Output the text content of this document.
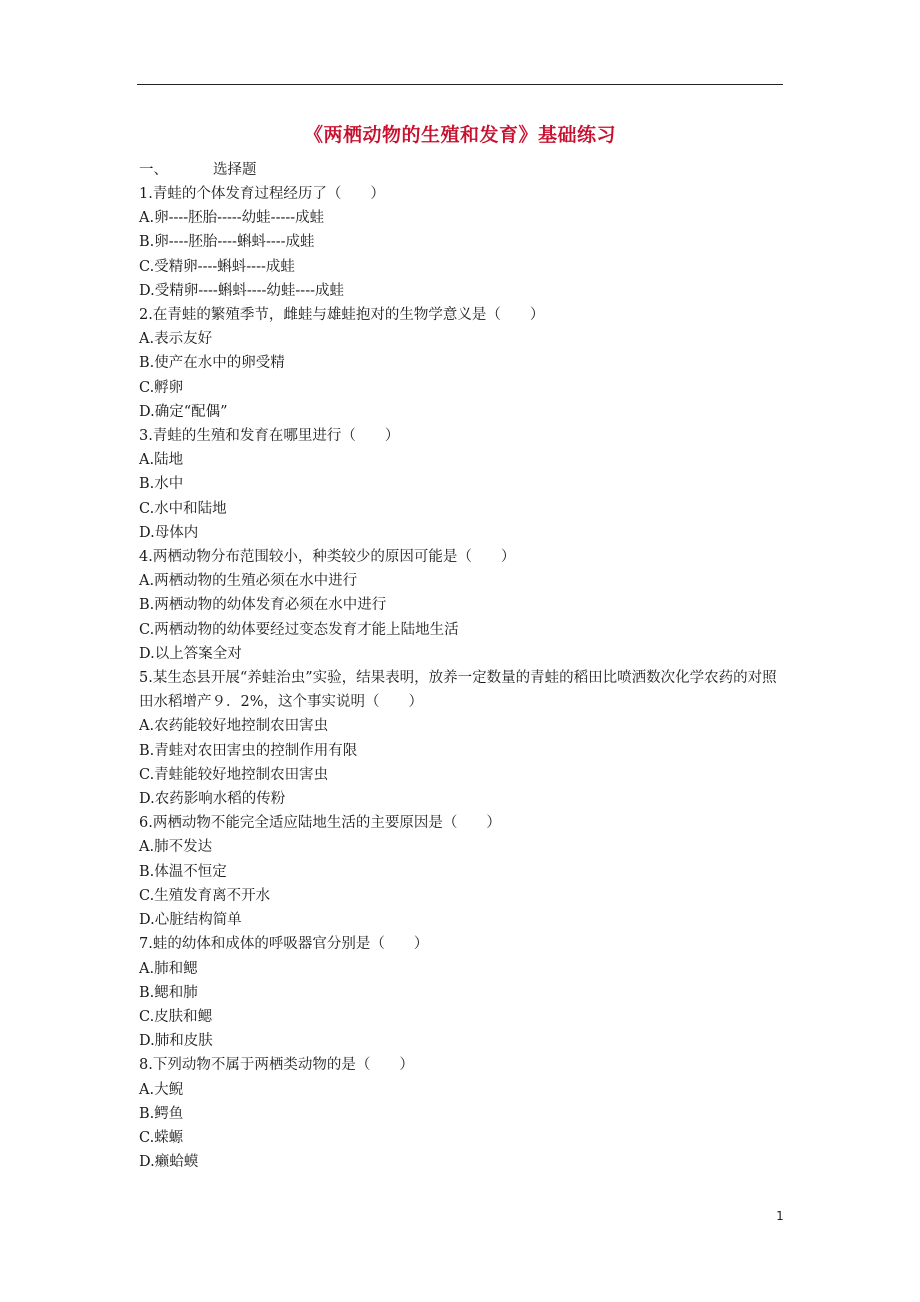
《两栖动物的生殖和发育》基础练习
一、	选择题
1.青蛙的个体发育过程经历了（　　）
A.卵----胚胎-----幼蛙-----成蛙
B.卵----胚胎----蝌蚪----成蛙
C.受精卵----蝌蚪----成蛙
D.受精卵----蝌蚪----幼蛙----成蛙
2.在青蛙的繁殖季节，雌蛙与雄蛙抱对的生物学意义是（　　）
A.表示友好
B.使产在水中的卵受精
C.孵卵
D.确定“配偶”
3.青蛙的生殖和发育在哪里进行（　　）
A.陆地
B.水中
C.水中和陆地
D.母体内
4.两栖动物分布范围较小，种类较少的原因可能是（　　）
A.两栖动物的生殖必须在水中进行
B.两栖动物的幼体发育必须在水中进行
C.两栖动物的幼体要经过变态发育才能上陆地生活
D.以上答案全对
5.某生态县开展“养蛙治虫”实验，结果表明，放养一定数量的青蛙的稻田比喷洒数次化学农药的对照田水稻增产９．2%，这个事实说明（　　）
A.农药能较好地控制农田害虫
B.青蛙对农田害虫的控制作用有限
C.青蛙能较好地控制农田害虫
D.农药影响水稻的传粉
6.两栖动物不能完全适应陆地生活的主要原因是（　　）
A.肺不发达
B.体温不恒定
C.生殖发育离不开水
D.心脏结构简单
7.蛙的幼体和成体的呼吸器官分别是（　　）
A.肺和鳃
B.鳃和肺
C.皮肤和鳃
D.肺和皮肤
8.下列动物不属于两栖类动物的是（　　）
A.大鲵
B.鳄鱼
C.蝾螈
D.癞蛤蟆
1
